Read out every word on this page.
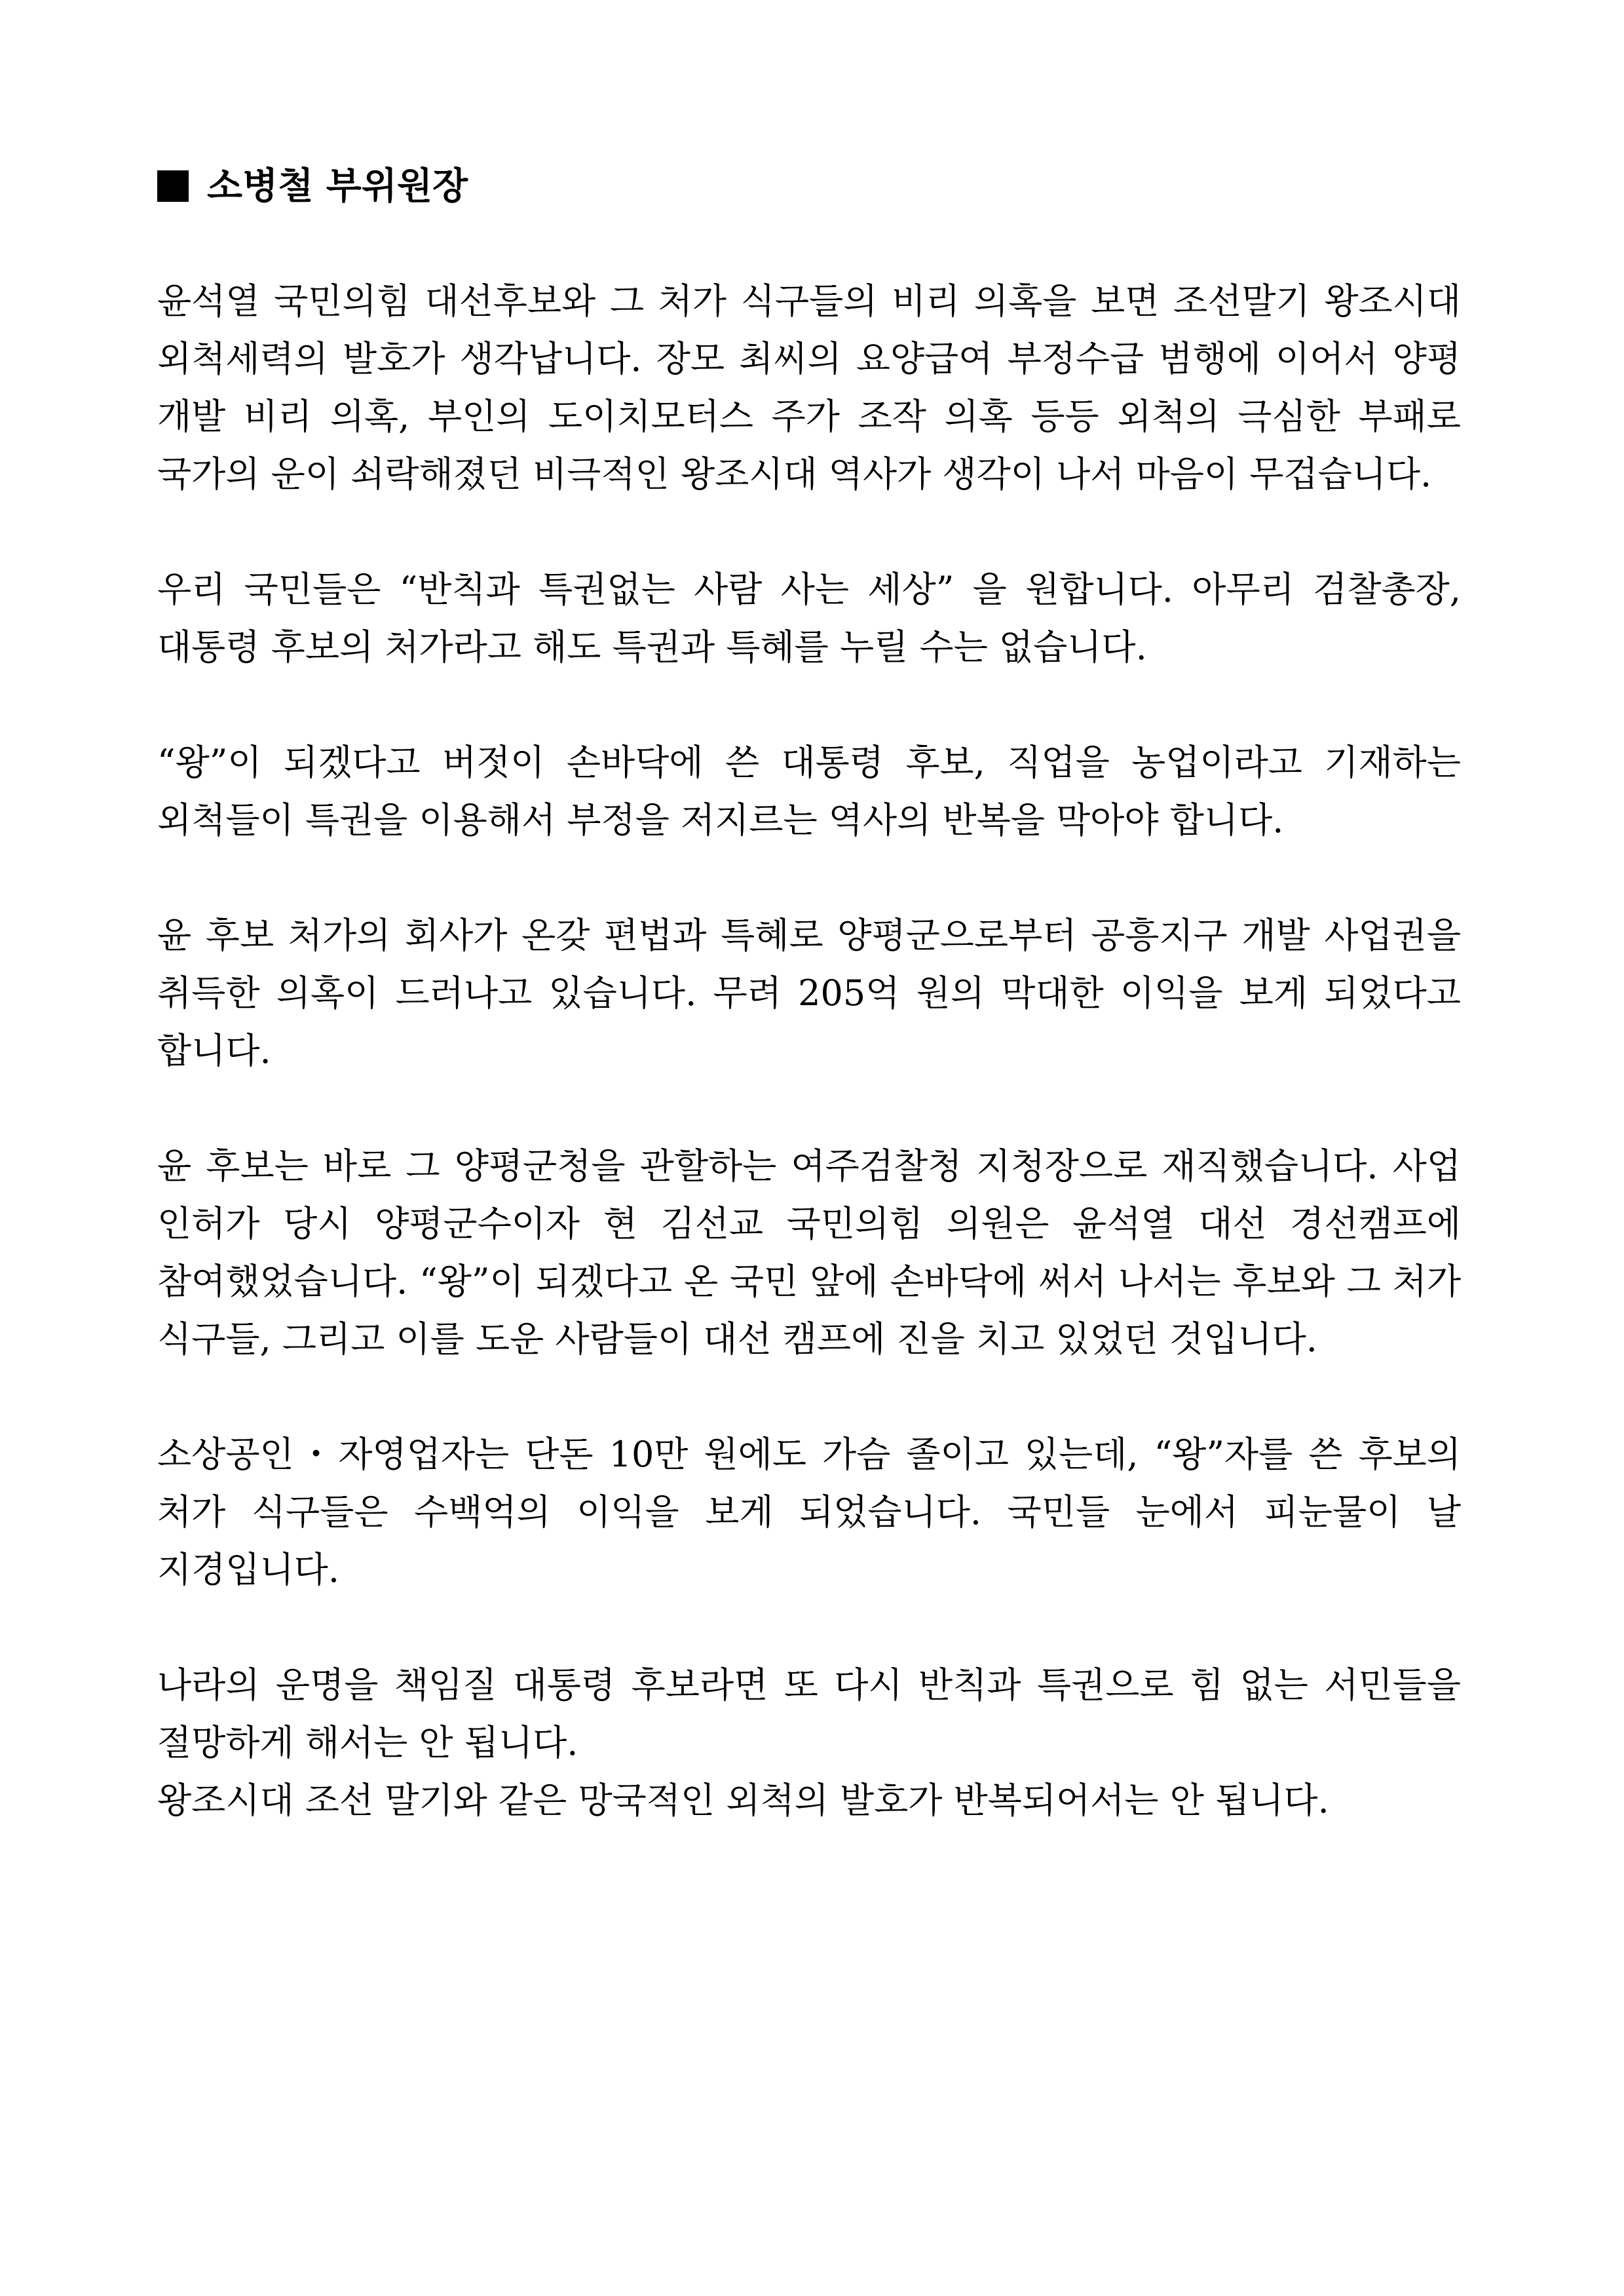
소병철 부위원장

윤석열 국민의힘 대선후보와 그 처가 식구들의 비리 의혹을 보면 조선말기 왕조시대 외척세력의 발호가 생각납니다. 장모 최씨의 요양급여 부정수급 범행에 이어서 양평 개발 비리 의혹, 부인의 도이치모터스 주가 조작 의혹 등등 외척의 극심한 부패로 국가의 운이 쇠락해졌던 비극적인 왕조시대 역사가 생각이 나서 마음이 무겁습니다.

우리 국민들은 “반칙과 특권없는 사람 사는 세상” 을 원합니다. 아무리 검찰총장, 대통령 후보의 처가라고 해도 특권과 특혜를 누릴 수는 없습니다.

“왕”이 되겠다고 버젓이 손바닥에 쓴 대통령 후보, 직업을 농업이라고 기재하는 외척들이 특권을 이용해서 부정을 저지르는 역사의 반복을 막아야 합니다.

윤 후보 처가의 회사가 온갖 편법과 특혜로 양평군으로부터 공흥지구 개발 사업권을 취득한 의혹이 드러나고 있습니다. 무려 205억 원의 막대한 이익을 보게 되었다고 합니다.

윤 후보는 바로 그 양평군청을 관할하는 여주검찰청 지청장으로 재직했습니다. 사업 인허가 당시 양평군수이자 현 김선교 국민의힘 의원은 윤석열 대선 경선캠프에 참여했었습니다. “왕”이 되겠다고 온 국민 앞에 손바닥에 써서 나서는 후보와 그 처가 식구들, 그리고 이를 도운 사람들이 대선 캠프에 진을 치고 있었던 것입니다.

소상공인・자영업자는 단돈 10만 원에도 가슴 졸이고 있는데, “왕”자를 쓴 후보의 처가 식구들은 수백억의 이익을 보게 되었습니다. 국민들 눈에서 피눈물이 날 지경입니다.

나라의 운명을 책임질 대통령 후보라면 또 다시 반칙과 특권으로 힘 없는 서민들을 절망하게 해서는 안 됩니다.

왕조시대 조선 말기와 같은 망국적인 외척의 발호가 반복되어서는 안 됩니다.
